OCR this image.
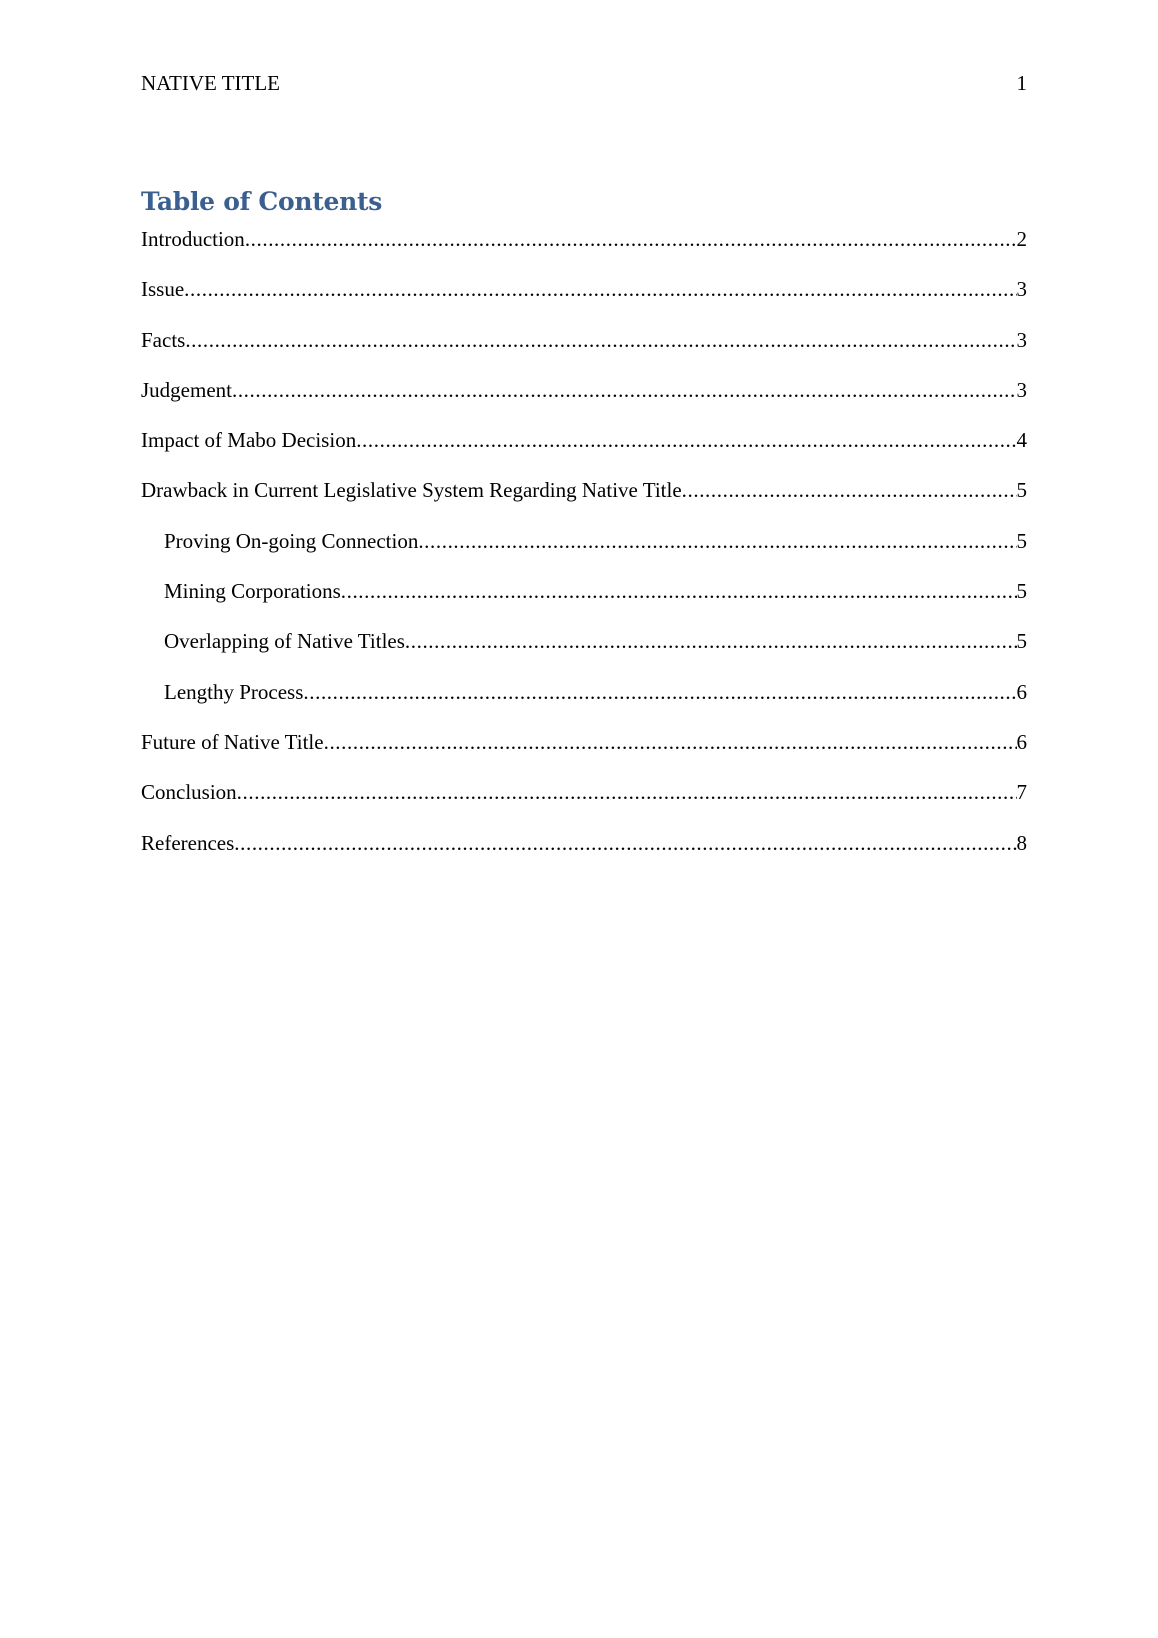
NATIVE TITLE	1
Table of Contents
Introduction .....	2
Issue .....	3
Facts .....	3
Judgement .....	3
Impact of Mabo Decision .....	4
Drawback in Current Legislative System Regarding Native Title .....	5
Proving On-going Connection .....	5
Mining Corporations .....	5
Overlapping of Native Titles .....	5
Lengthy Process .....	6
Future of Native Title .....	6
Conclusion .....	7
References .....	8
